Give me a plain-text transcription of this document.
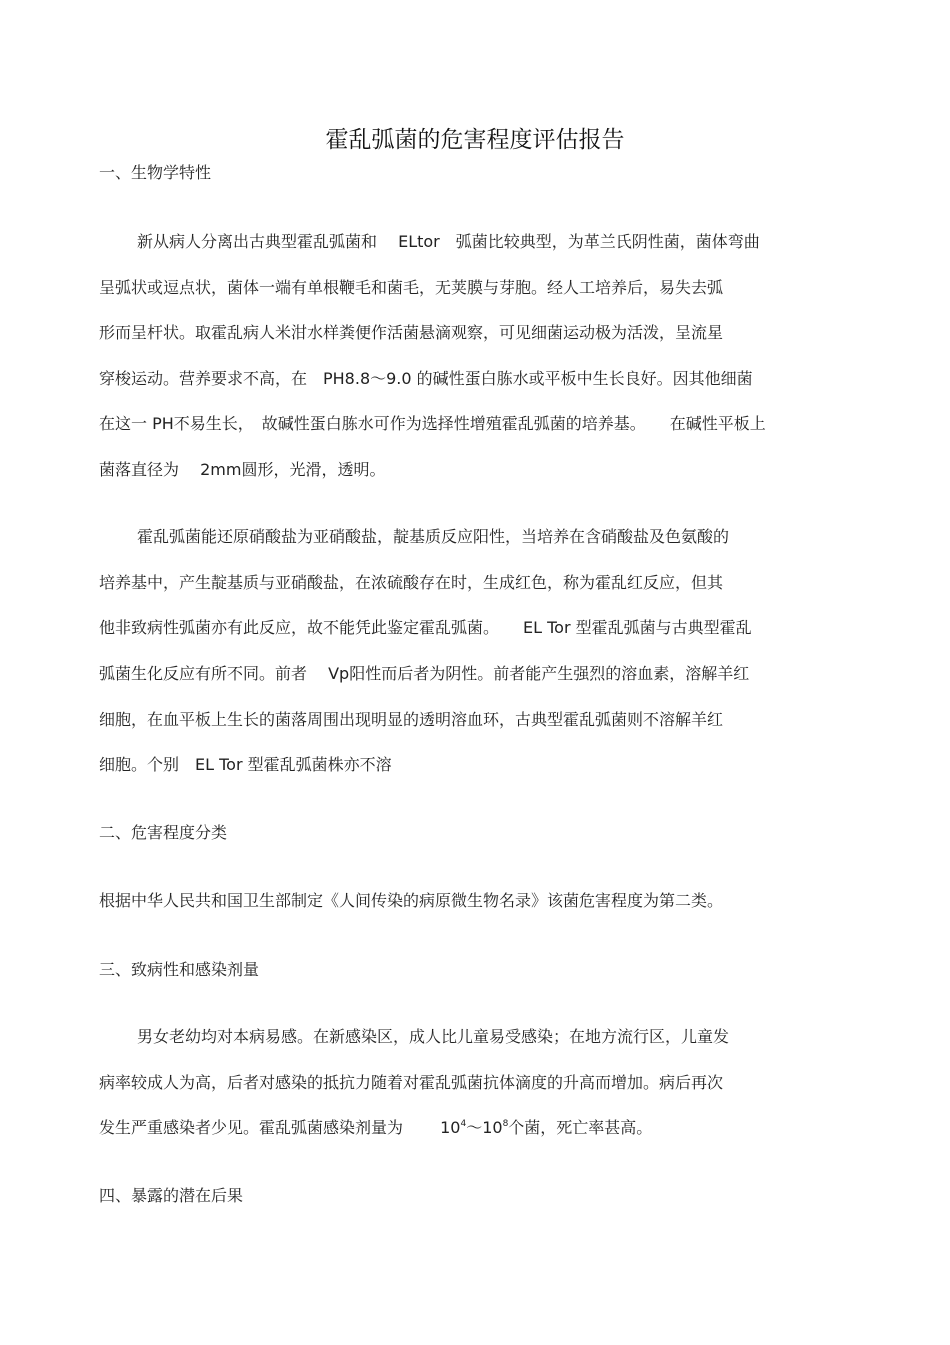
霍乱弧菌的危害程度评估报告
一、生物学特性
新从病人分离出古典型霍乱弧菌和　 ELtor　弧菌比较典型，为革兰氏阴性菌，菌体弯曲
呈弧状或逗点状，菌体一端有单根鞭毛和菌毛，无荚膜与芽胞。经人工培养后，易失去弧
形而呈杆状。取霍乱病人米泔水样粪便作活菌悬滴观察，可见细菌运动极为活泼，呈流星
穿梭运动。营养要求不高，在　PH8.8～9.0 的碱性蛋白胨水或平板中生长良好。因其他细菌
在这一 PH不易生长，　故碱性蛋白胨水可作为选择性增殖霍乱弧菌的培养基。　　在碱性平板上
菌落直径为　 2mm圆形，光滑，透明。
霍乱弧菌能还原硝酸盐为亚硝酸盐，靛基质反应阳性，当培养在含硝酸盐及色氨酸的
培养基中，产生靛基质与亚硝酸盐，在浓硫酸存在时，生成红色，称为霍乱红反应，但其
他非致病性弧菌亦有此反应，故不能凭此鉴定霍乱弧菌。　　EL Tor 型霍乱弧菌与古典型霍乱
弧菌生化反应有所不同。前者　 Vp阳性而后者为阴性。前者能产生强烈的溶血素，溶解羊红
细胞，在血平板上生长的菌落周围出现明显的透明溶血环，古典型霍乱弧菌则不溶解羊红
细胞。个别　EL Tor 型霍乱弧菌株亦不溶
二、危害程度分类
根据中华人民共和国卫生部制定《人间传染的病原微生物名录》该菌危害程度为第二类。
三、致病性和感染剂量
男女老幼均对本病易感。在新感染区，成人比儿童易受感染；在地方流行区，儿童发
病率较成人为高，后者对感染的抵抗力随着对霍乱弧菌抗体滴度的升高而增加。病后再次
发生严重感染者少见。霍乱弧菌感染剂量为　　 $10^4\sim 10^8$个菌，死亡率甚高。
四、暴露的潜在后果
